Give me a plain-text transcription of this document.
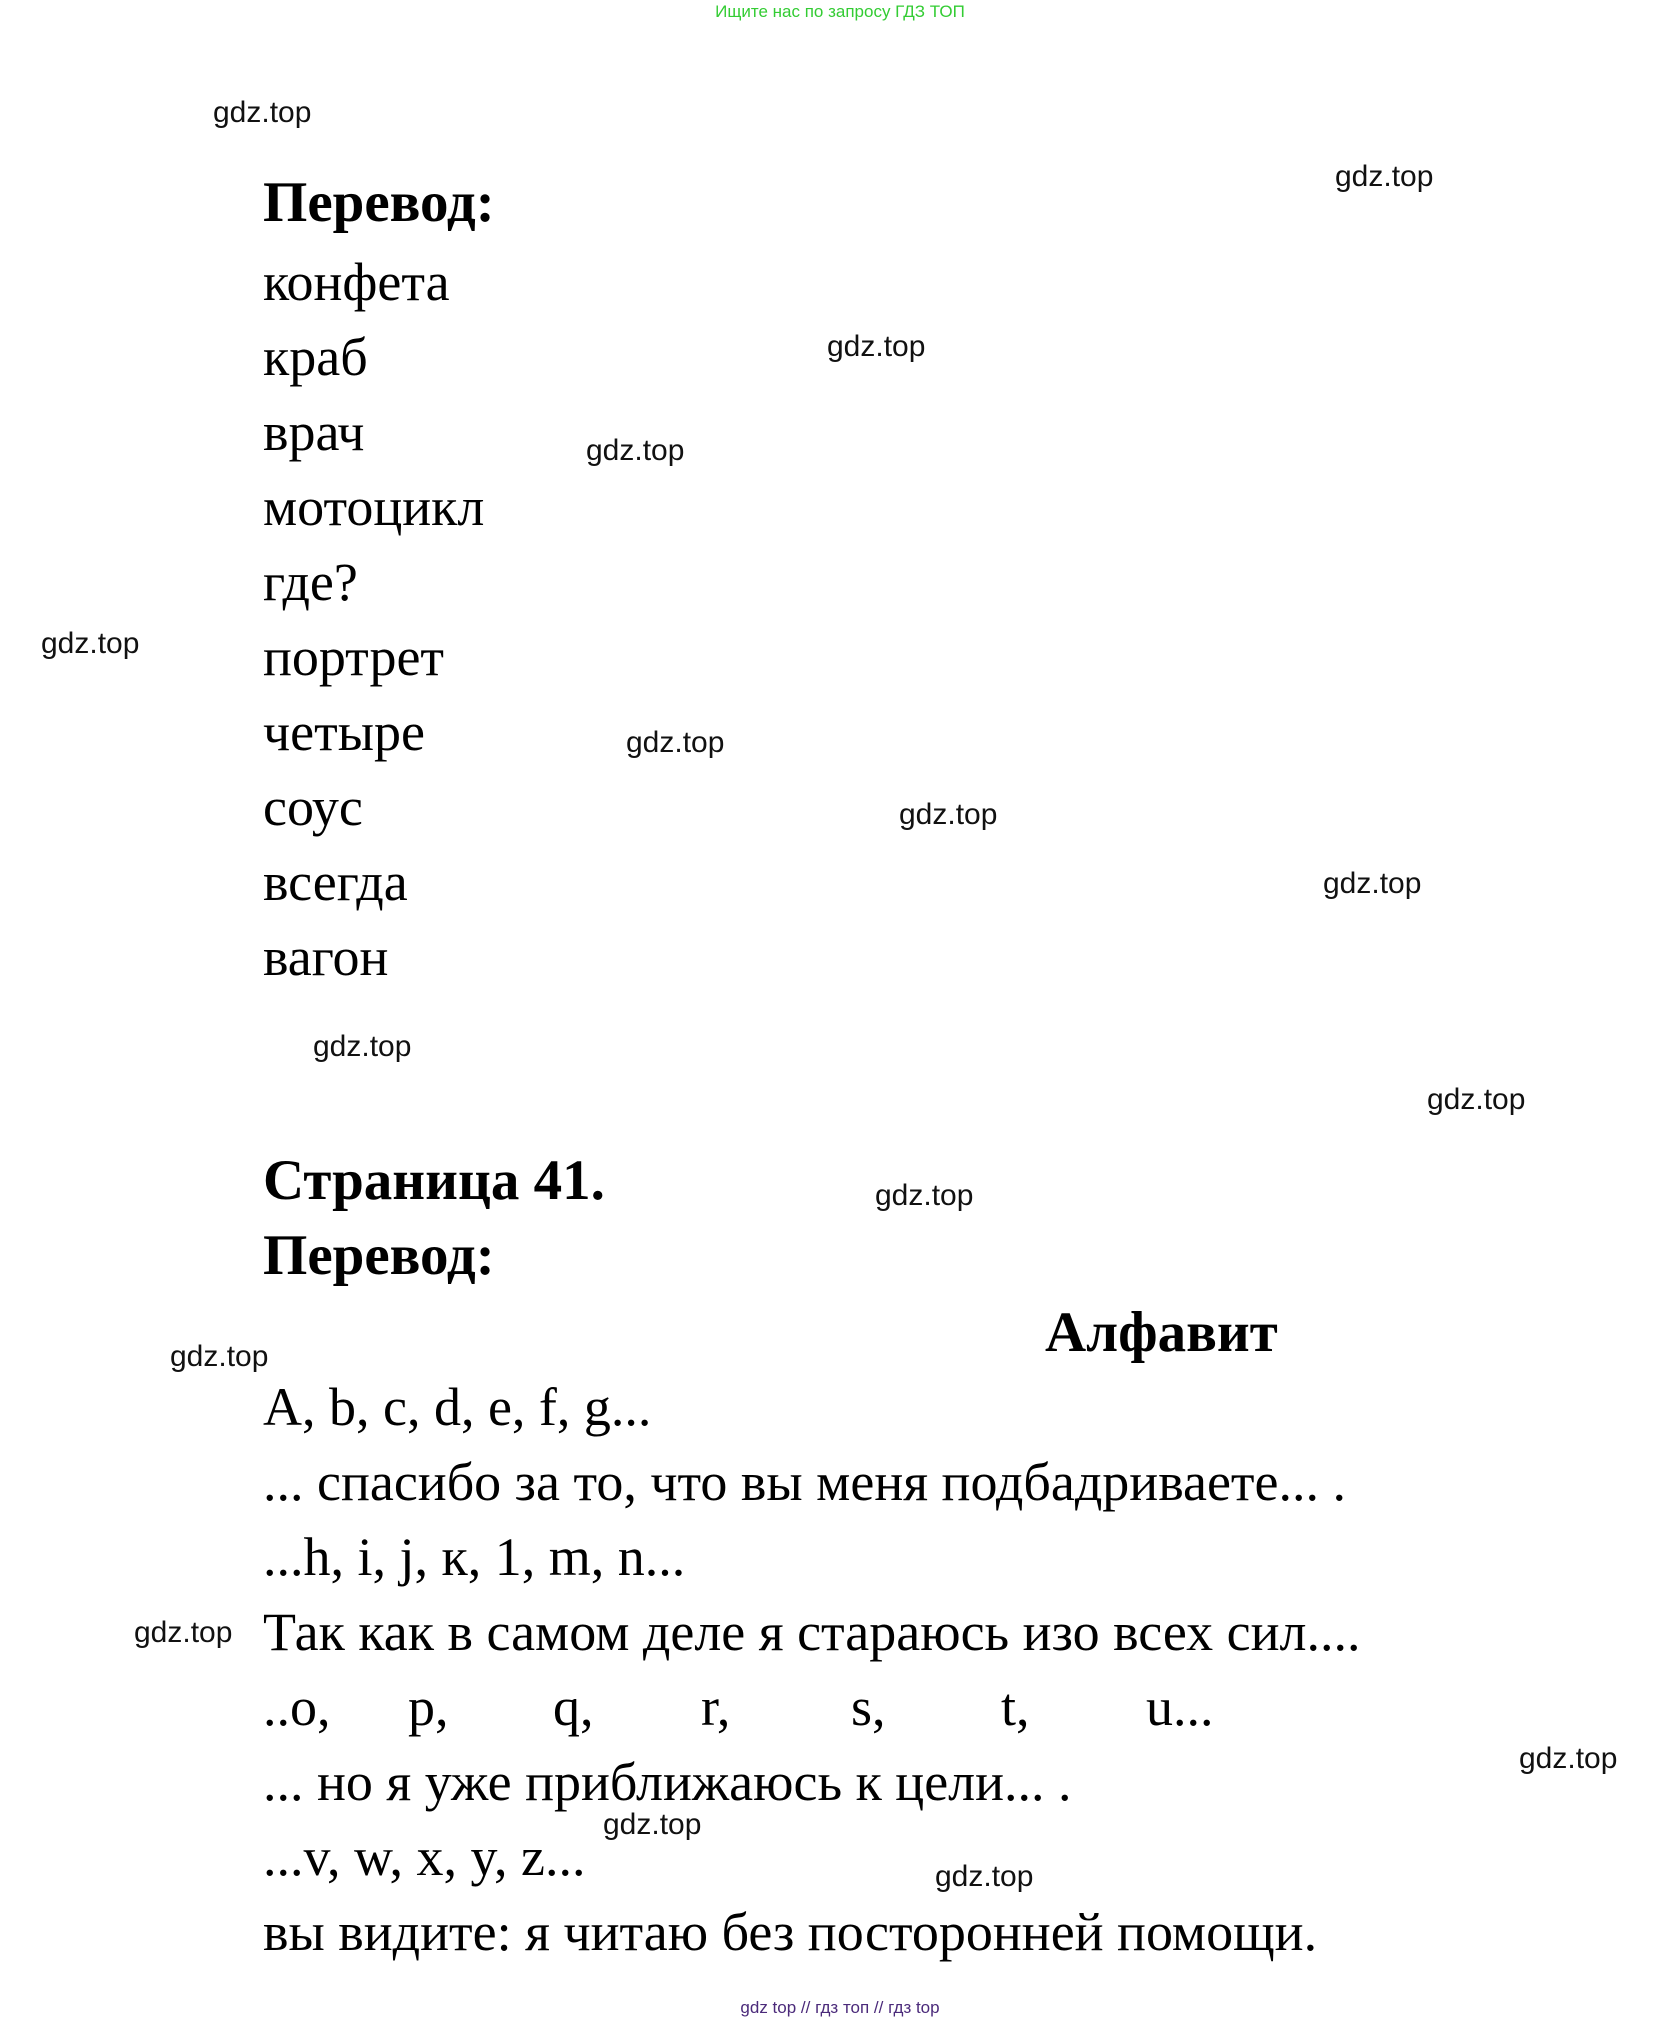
Ищите нас по запросу ГДЗ ТОП
gdz.top
gdz.top
gdz.top
gdz.top
gdz.top
gdz.top
gdz.top
gdz.top
gdz.top
gdz.top
gdz.top
gdz.top
gdz.top
gdz.top
gdz.top
gdz.top
Перевод:
конфета
краб
врач
мотоцикл
где?
портрет
четыре
соус
всегда
вагон
Страница 41.
Перевод:
Алфавит
A, b, c, d, e, f, g...
... спасибо за то, что вы меня подбадриваете... .
...h, i, j, к, 1, m, n...
Так как в самом деле я стараюсь изо всех сил....
..o,	p,	q,	r,	s,	t,	u...
... но я уже приближаюсь к цели... .
...v, w, x, y, z...
вы видите: я читаю без посторонней помощи.
gdz top // гдз топ // гдз top
